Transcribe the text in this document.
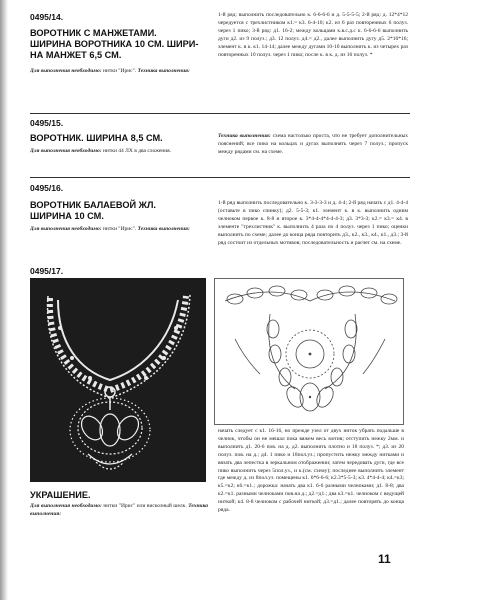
0495/14.
ВОРОТНИК С МАНЖЕТАМИ.
ШИРИНА ВОРОТНИКА 10 СМ. ШИРИ-
НА МАНЖЕТ 6,5 СМ.
Для выполнения необходимо: нитки "Ирис". Техника выполнения:
1-й ряд: выполнить последовательно к. 6-6-6-6 и д. 5-5-5-5; 2-й ряд: д. 12*4*12 чередуется с трехлистником к1.= к3. 6-4-10; к2. из 6 раз повторенных 6 полуз. через 1 пико; 3-й ряд: д1. 16-2; между кольцами к.в.с.д.с к. 6-6-6-6 выполнить дуги д2. из 9 полуз.; д3. 12 полуз. д4.= д2., далее выполнить дугу д5. 2*16*16; элемент к. в к. к1. 14-14; далее между дугами 10-10 выполнить к. из четырех раз повторенных 10 полуз. через 1 пико; после к. в к. д. из 16 полуз. *
0495/15.
ВОРОТНИК. ШИРИНА 8,5 СМ.
Для выполнения необходимо: нитки 44 ЛХ в два сложения.
Техника выполнения: схема настолько проста, что не требует дополнительных пояснений; все пико на кольцах и дугах выполнять через 7 полуз.; пропуск между рядами см. на схеме.
0495/16.
ВОРОТНИК БАЛАЕВОЙ ЖЛ.
ШИРИНА 10 СМ.
Для выполнения необходимо: нитки "Ирис". Техника выполнения:
1-й ряд выполнить последовательно к. 3-3-3-3 и д. 4-4; 2-й ряд начать с д1. 4-4-4 (оставьте в пико спинку); д2. 5-5-3; к1. элемент к. в к. выполнить одним челноком первое к. 8-8 и второе к. 3*4-4-4*4-4-4-3; д3. 3*3-3; к2.= к3.= к4. в элементе "трехлистник" к. выполнить 4 раза по 4 полуз. через 1 пико; оценки выполнить по схеме; далее до конца ряда повторить д3., к2., к3., к4., к1., д3.; 3-й ряд состоит из отдельных мотивов; последовательность и расчет см. на схеме.
0495/17.
УКРАШЕНИЕ.
Для выполнения необходимо: нитки "Ирис" или вискозный шелк. Техника выполнения:
начать следует с к1. 16-16, но прежде узел от двух ниток убрать подальше в челнок, чтобы он не мешал пока вяжем весь мотив; отступить нежку 2мм. и выполнить д1. 20-6 пов. на д. д2. выполнить плотно и 18 полуз. *; д3. из 20 полуз. пов. на д.; д4. 1 пико и 18пол.уз.; пропустить нежку между нитками и вязать два лепестка в зеркальном отображении; затем чередовать дуги, где все пико выполнить через 5пол.уз., и к.(см. схему); последнее выполнить элемент где между д. из 8пол.уз. помещены к1. 6*6-6-6; к2.3*5-5-3; к3. 4*4-4-4; к4.=к3; к5.=к2; к6.=к1.; дорожка: начать два к1. 6-6 разными челноками; д1. 8-8; два к2.=к1. разными челноками пов.на д.; д2.=д1.; два к3.=к1. челноком с ведущей ниткой; к4. 8-8 челноком с рабочей ниткой; д3.=д1.; далее повторять до конца ряда.
11
